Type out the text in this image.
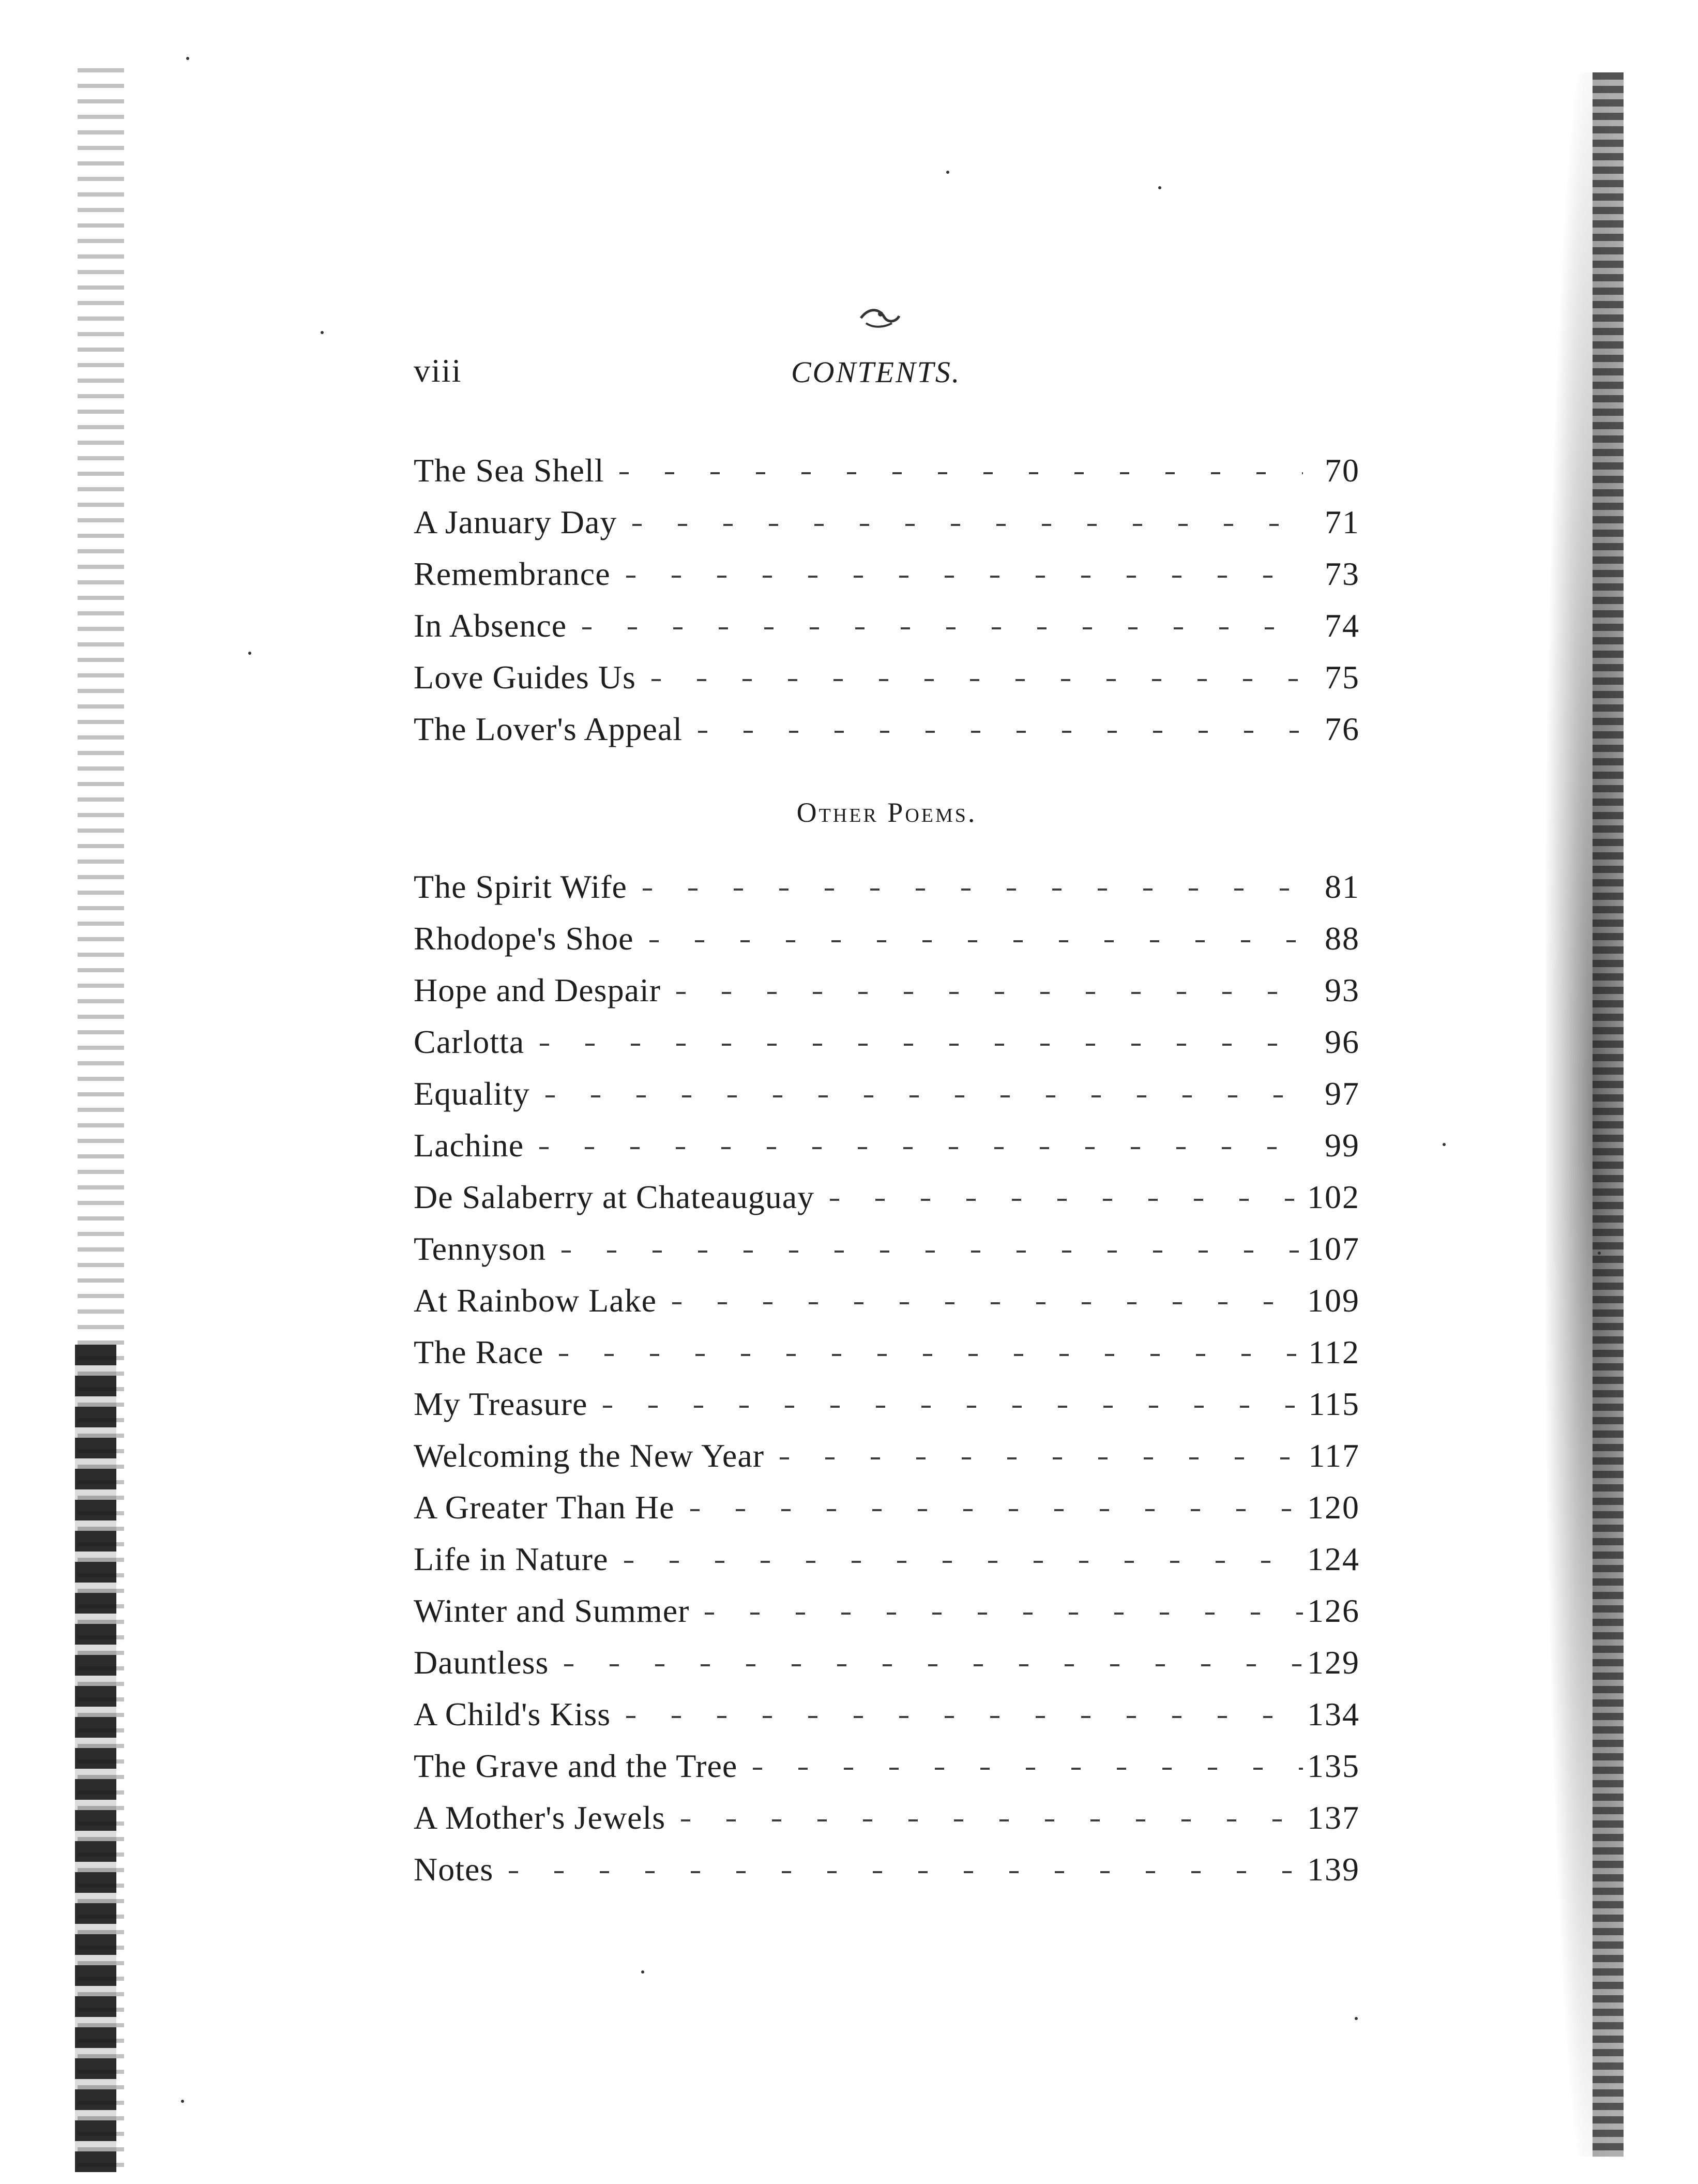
viii	CONTENTS.
The Sea Shell	70
A January Day	71
Remembrance	73
In Absence	74
Love Guides Us	75
The Lover's Appeal	76
Other Poems.
The Spirit Wife	81
Rhodope's Shoe	88
Hope and Despair	93
Carlotta	96
Equality	97
Lachine	99
De Salaberry at Chateauguay	102
Tennyson	107
At Rainbow Lake	109
The Race	112
My Treasure	115
Welcoming the New Year	117
A Greater Than He	120
Life in Nature	124
Winter and Summer	126
Dauntless	129
A Child's Kiss	134
The Grave and the Tree	135
A Mother's Jewels	137
Notes	139
